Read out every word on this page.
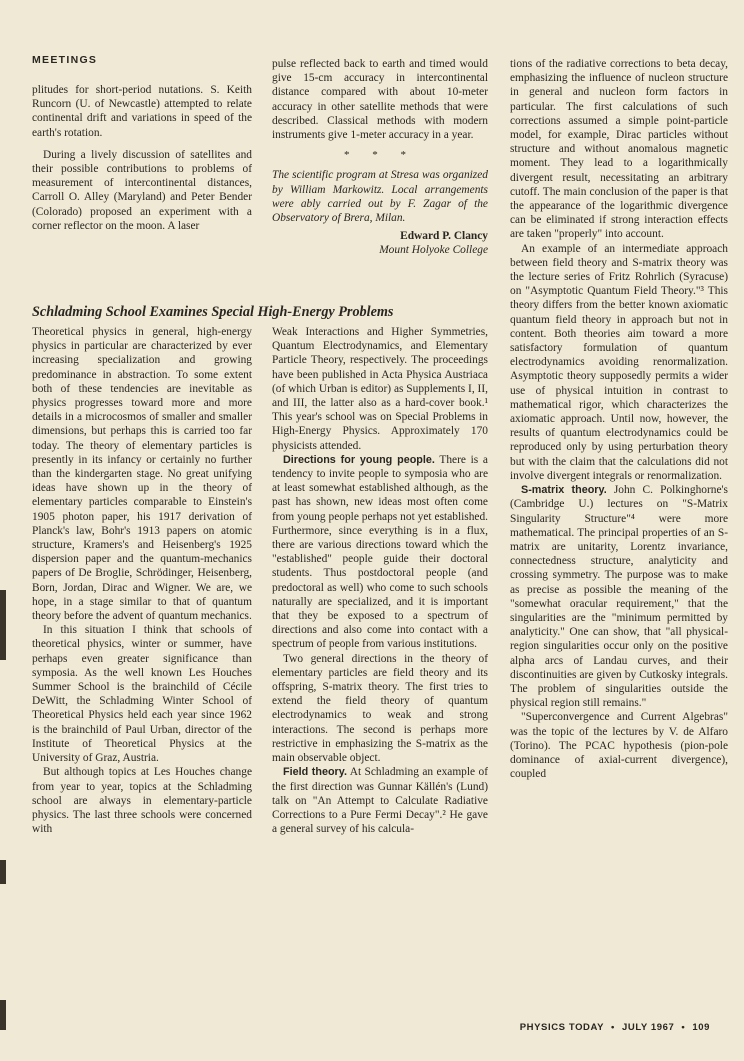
MEETINGS

plitudes for short-period nutations. S. Keith Runcorn (U. of Newcastle) attempted to relate continental drift and variations in speed of the earth's rotation.

During a lively discussion of satellites and their possible contributions to problems of measurement of intercontinental distances, Carroll O. Alley (Maryland) and Peter Bender (Colorado) proposed an experiment with a corner reflector on the moon. A laser

pulse reflected back to earth and timed would give 15-cm accuracy in intercontinental distance compared with about 10-meter accuracy in other satellite methods that were described. Classical methods with modern instruments give 1-meter accuracy in a year.

* * *

The scientific program at Stresa was organized by William Markowitz. Local arrangements were ably carried out by F. Zagar of the Observatory of Brera, Milan.

Edward P. Clancy
Mount Holyoke College

Schladming School Examines Special High-Energy Problems

Theoretical physics in general, high-energy physics in particular are characterized by ever increasing specialization and growing predominance in abstraction. To some extent both of these tendencies are inevitable as physics progresses toward more and more details in a microcosmos of smaller and smaller dimensions, but perhaps this is carried too far today. The theory of elementary particles is presently in its infancy or certainly no further than the kindergarten stage. No great unifying ideas have shown up in the theory of elementary particles comparable to Einstein's 1905 photon paper, his 1917 derivation of Planck's law, Bohr's 1913 papers on atomic structure, Kramers's and Heisenberg's 1925 dispersion paper and the quantum-mechanics papers of De Broglie, Schrödinger, Heisenberg, Born, Jordan, Dirac and Wigner. We are, we hope, in a stage similar to that of quantum theory before the advent of quantum mechanics.

In this situation I think that schools of theoretical physics, winter or summer, have perhaps even greater significance than symposia. As the well known Les Houches Summer School is the brainchild of Cécile DeWitt, the Schladming Winter School of Theoretical Physics held each year since 1962 is the brainchild of Paul Urban, director of the Institute of Theoretical Physics at the University of Graz, Austria.

But although topics at Les Houches change from year to year, topics at the Schladming school are always in elementary-particle physics. The last three schools were concerned with

Weak Interactions and Higher Symmetries, Quantum Electrodynamics, and Elementary Particle Theory, respectively. The proceedings have been published in Acta Physica Austriaca (of which Urban is editor) as Supplements I, II, and III, the latter also as a hard-cover book.¹ This year's school was on Special Problems in High-Energy Physics. Approximately 170 physicists attended.

Directions for young people. There is a tendency to invite people to symposia who are at least somewhat established although, as the past has shown, new ideas most often come from young people perhaps not yet established. Furthermore, since everything is in a flux, there are various directions toward which the "established" people guide their doctoral students. Thus postdoctoral people (and predoctoral as well) who come to such schools naturally are specialized, and it is important that they be exposed to a spectrum of directions and also come into contact with a spectrum of people from various institutions.

Two general directions in the theory of elementary particles are field theory and its offspring, S-matrix theory. The first tries to extend the field theory of quantum electrodynamics to weak and strong interactions. The second is perhaps more restrictive in emphasizing the S-matrix as the main observable object.

Field theory. At Schladming an example of the first direction was Gunnar Källén's (Lund) talk on "An Attempt to Calculate Radiative Corrections to a Pure Fermi Decay".² He gave a general survey of his calcula-

tions of the radiative corrections to beta decay, emphasizing the influence of nucleon structure in general and nucleon form factors in particular. The first calculations of such corrections assumed a simple point-particle model, for example, Dirac particles without structure and without anomalous magnetic moment. They lead to a logarithmically divergent result, necessitating an arbitrary cutoff. The main conclusion of the paper is that the appearance of the logarithmic divergence can be eliminated if strong interaction effects are taken "properly" into account.

An example of an intermediate approach between field theory and S-matrix theory was the lecture series of Fritz Rohrlich (Syracuse) on "Asymptotic Quantum Field Theory."³ This theory differs from the better known axiomatic quantum field theory in approach but not in content. Both theories aim toward a more satisfactory formulation of quantum electrodynamics avoiding renormalization. Asymptotic theory supposedly permits a wider use of physical intuition in contrast to mathematical rigor, which characterizes the axiomatic approach. Until now, however, the results of quantum electrodynamics could be reproduced only by using perturbation theory but with the claim that the calculations did not involve divergent integrals or renormalization.

S-matrix theory. John C. Polkinghorne's (Cambridge U.) lectures on "S-Matrix Singularity Structure"⁴ were more mathematical. The principal properties of an S-matrix are unitarity, Lorentz invariance, connectedness structure, analyticity and crossing symmetry. The purpose was to make as precise as possible the meaning of the "somewhat oracular requirement," that the singularities are the "minimum permitted by analyticity." One can show, that "all physical-region singularities occur only on the positive alpha arcs of Landau curves, and their discontinuities are given by Cutkosky integrals. The problem of singularities outside the physical region still remains."

"Superconvergence and Current Algebras" was the topic of the lectures by V. de Alfaro (Torino). The PCAC hypothesis (pion-pole dominance of axial-current divergence), coupled

PHYSICS TODAY • JULY 1967 • 109
